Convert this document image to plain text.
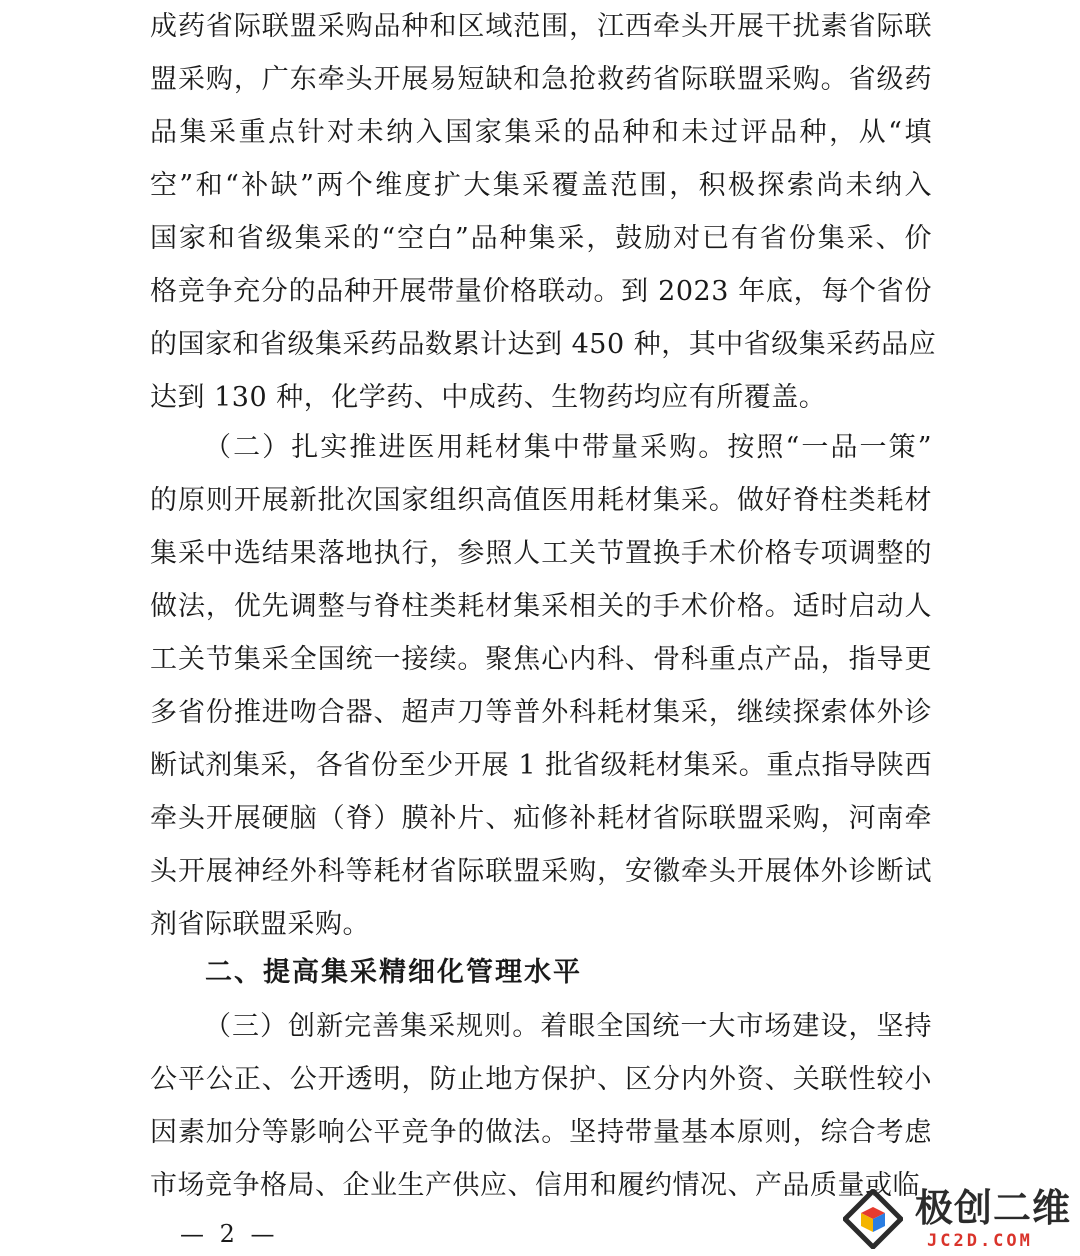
成药省际联盟采购品种和区域范围，江西牵头开展干扰素省际联
盟采购，广东牵头开展易短缺和急抢救药省际联盟采购。省级药
品集采重点针对未纳入国家集采的品种和未过评品种，从“填
空”和“补缺”两个维度扩大集采覆盖范围，积极探索尚未纳入
国家和省级集采的“空白”品种集采，鼓励对已有省份集采、价
格竞争充分的品种开展带量价格联动。到 2023 年底，每个省份
的国家和省级集采药品数累计达到 450 种，其中省级集采药品应
达到 130 种，化学药、中成药、生物药均应有所覆盖。
（二）扎实推进医用耗材集中带量采购。按照“一品一策”
的原则开展新批次国家组织高值医用耗材集采。做好脊柱类耗材
集采中选结果落地执行，参照人工关节置换手术价格专项调整的
做法，优先调整与脊柱类耗材集采相关的手术价格。适时启动人
工关节集采全国统一接续。聚焦心内科、骨科重点产品，指导更
多省份推进吻合器、超声刀等普外科耗材集采，继续探索体外诊
断试剂集采，各省份至少开展 1 批省级耗材集采。重点指导陕西
牵头开展硬脑（脊）膜补片、疝修补耗材省际联盟采购，河南牵
头开展神经外科等耗材省际联盟采购，安徽牵头开展体外诊断试
剂省际联盟采购。
二、提高集采精细化管理水平
（三）创新完善集采规则。着眼全国统一大市场建设，坚持
公平公正、公开透明，防止地方保护、区分内外资、关联性较小
因素加分等影响公平竞争的做法。坚持带量基本原则，综合考虑
市场竞争格局、企业生产供应、信用和履约情况、产品质量或临
— 2 —
极创二维
JC2D.COM
